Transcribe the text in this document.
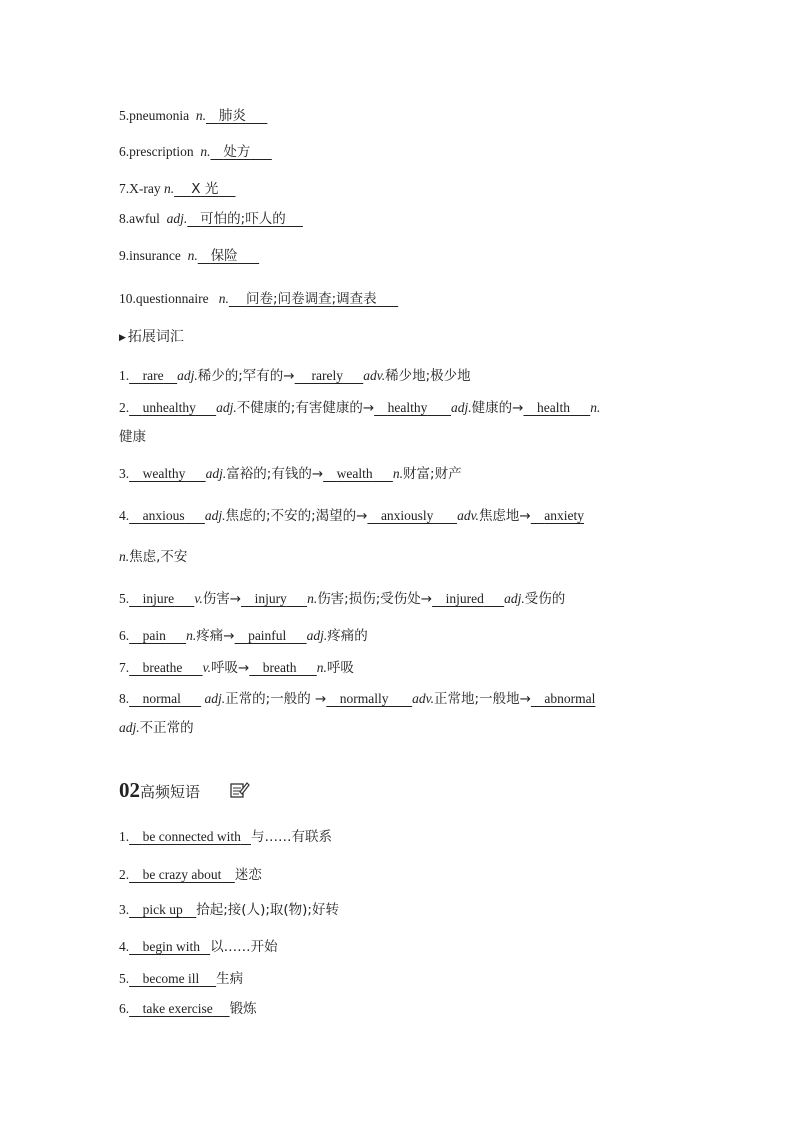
5.pneumonia n. 肺炎
6.prescription n. 处方
7.X-ray n. X 光
8.awful adj. 可怕的;吓人的
9.insurance n. 保险
10.questionnaire n. 问卷;问卷调查;调查表
▶ 拓展词汇
1. rare adj.稀少的;罕有的→ rarely adv.稀少地;极少地
2. unhealthy adj.不健康的;有害健康的→ healthy adj.健康的→ health n.
健康
3. wealthy adj.富裕的;有钱的→ wealth n.财富;财产
4. anxious adj.焦虑的;不安的;渴望的→ anxiously adv.焦虑地→ anxiety
n.焦虑,不安
5. injure v.伤害→ injury n.伤害;损伤;受伤处→ injured adj.受伤的
6. pain n.疼痛→ painful adj.疼痛的
7. breathe v.呼吸→ breath n.呼吸
8. normal adj.正常的;一般的 → normally adv.正常地;一般地→ abnormal
adj.不正常的
02高频短语
1. be connected with 与……有联系
2. be crazy about 迷恋
3. pick up 拾起;接(人);取(物);好转
4. begin with 以……开始
5. become ill 生病
6. take exercise 锻炼
